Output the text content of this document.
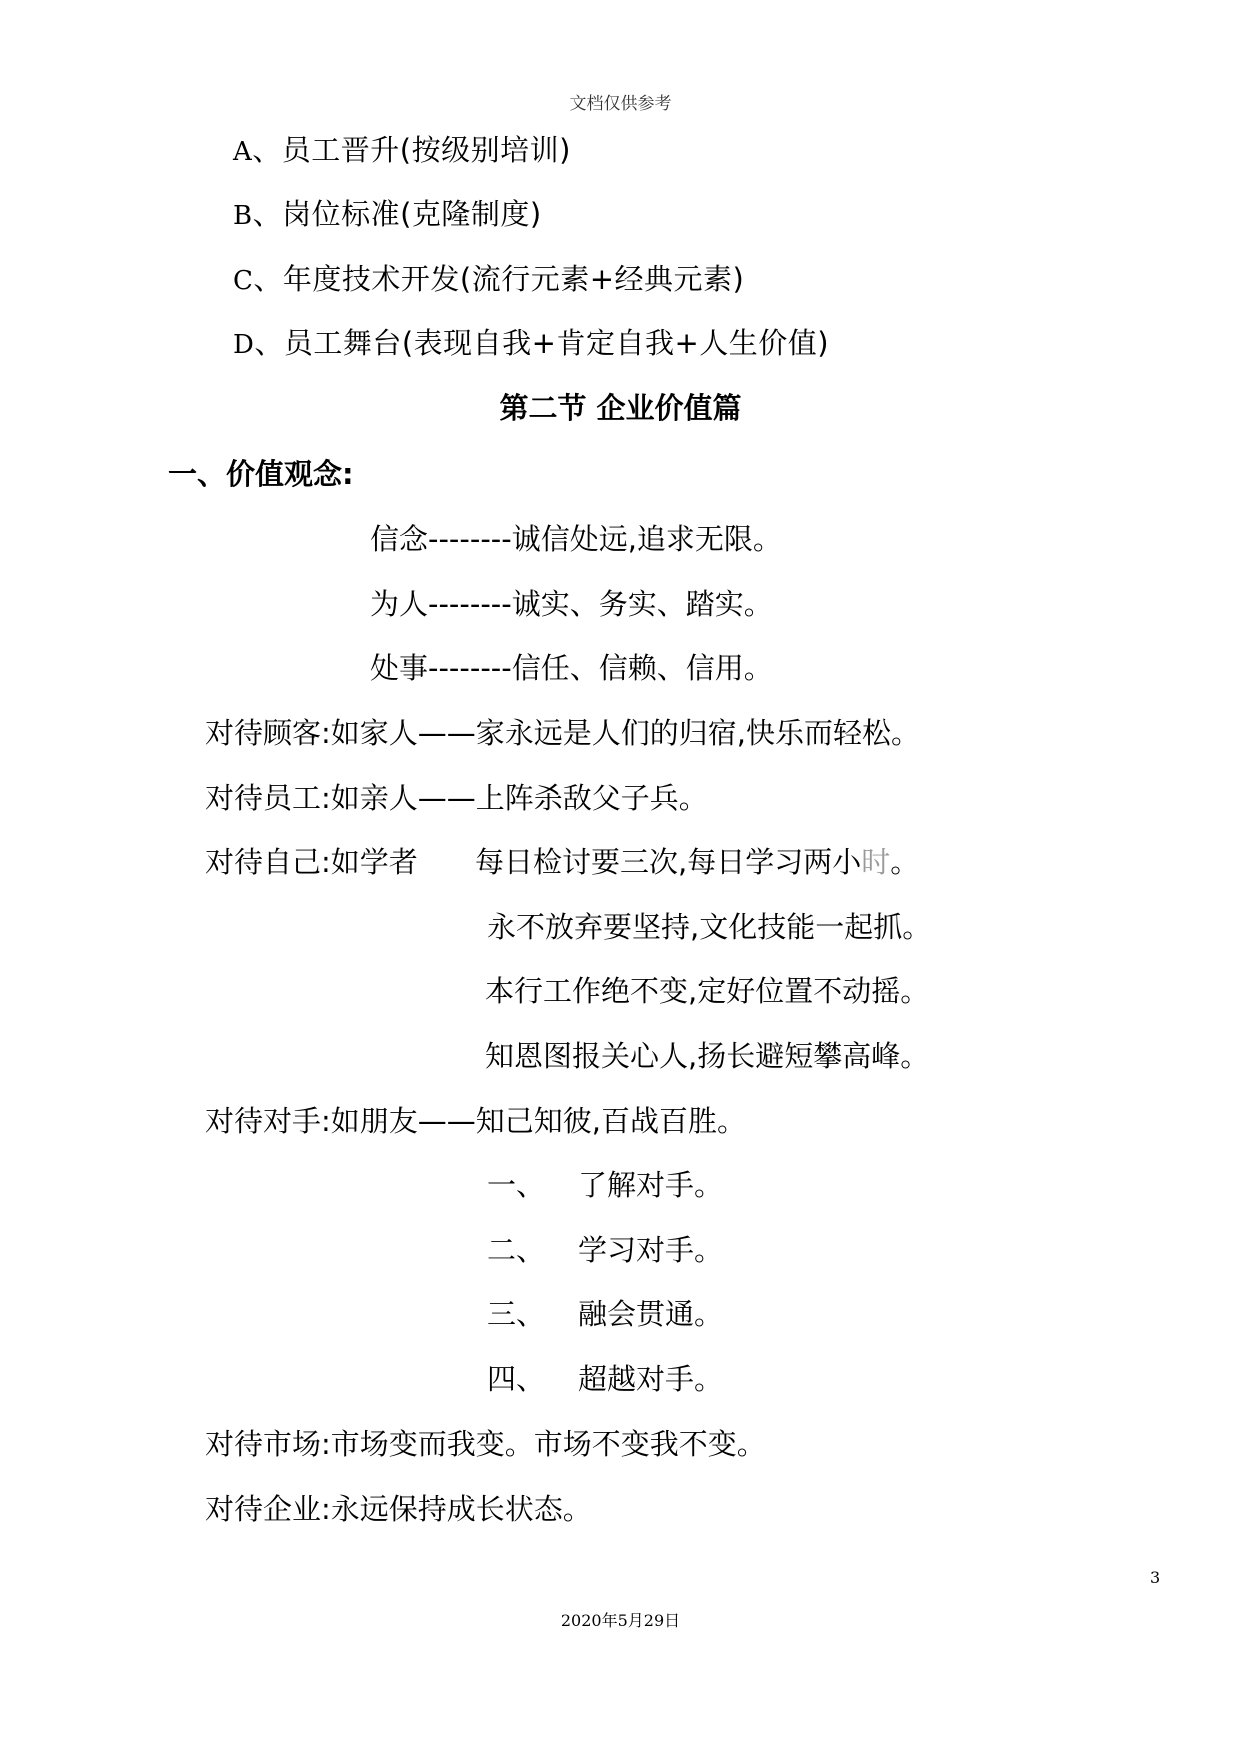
文档仅供参考
A、员工晋升(按级别培训)
B、岗位标准(克隆制度)
C、年度技术开发(流行元素+经典元素)
D、员工舞台(表现自我+肯定自我+人生价值)
第二节 企业价值篇
一、价值观念:
信念--------诚信处远,追求无限。
为人--------诚实、务实、踏实。
处事--------信任、信赖、信用。
对待顾客:如家人——家永远是人们的归宿,快乐而轻松。
对待员工:如亲人——上阵杀敌父子兵。
对待自己:如学者 每日检讨要三次,每日学习两小时。
永不放弃要坚持,文化技能一起抓。
本行工作绝不变,定好位置不动摇。
知恩图报关心人,扬长避短攀高峰。
对待对手:如朋友——知己知彼,百战百胜。
一、 了解对手。
二、 学习对手。
三、 融会贯通。
四、 超越对手。
对待市场:市场变而我变。市场不变我不变。
对待企业:永远保持成长状态。
3
2020年5月29日
